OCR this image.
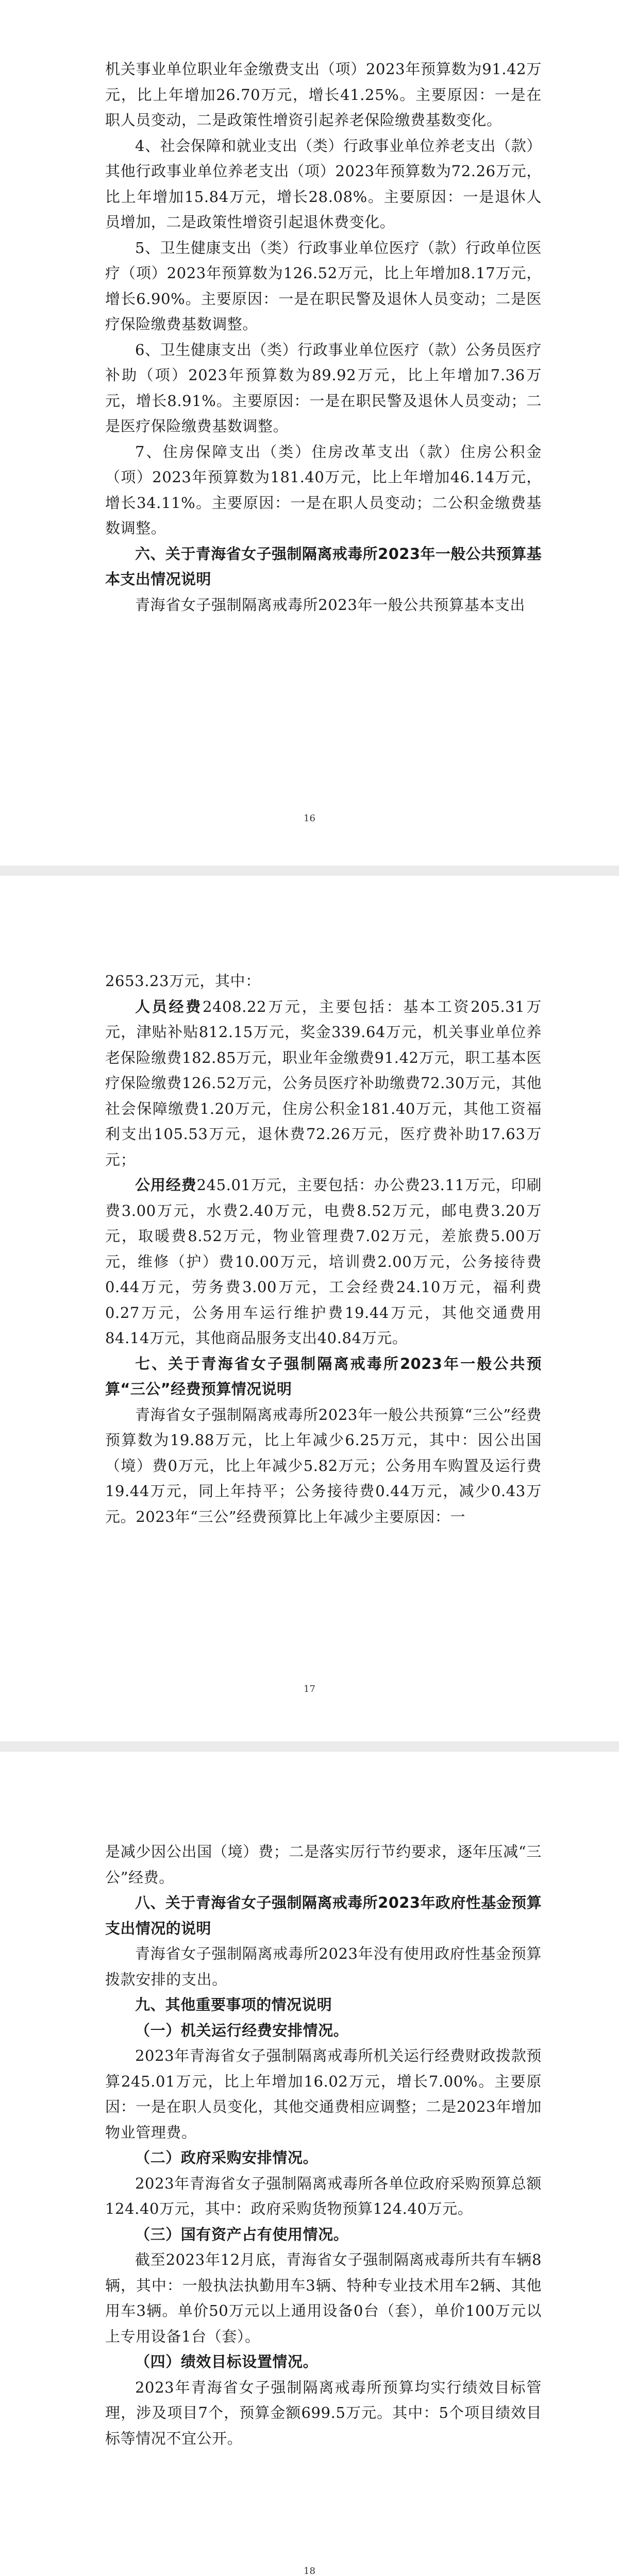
机关事业单位职业年金缴费支出（项）2023年预算数为91.42万元，比上年增加26.70万元，增长41.25%。主要原因：一是在职人员变动，二是政策性增资引起养老保险缴费基数变化。

4、社会保障和就业支出（类）行政事业单位养老支出（款）其他行政事业单位养老支出（项）2023年预算数为72.26万元，比上年增加15.84万元，增长28.08%。主要原因：一是退休人员增加，二是政策性增资引起退休费变化。

5、卫生健康支出（类）行政事业单位医疗（款）行政单位医疗（项）2023年预算数为126.52万元，比上年增加8.17万元，增长6.90%。主要原因：一是在职民警及退休人员变动；二是医疗保险缴费基数调整。

6、卫生健康支出（类）行政事业单位医疗（款）公务员医疗补助（项）2023年预算数为89.92万元，比上年增加7.36万元，增长8.91%。主要原因：一是在职民警及退休人员变动；二是医疗保险缴费基数调整。

7、住房保障支出（类）住房改革支出（款）住房公积金（项）2023年预算数为181.40万元，比上年增加46.14万元，增长34.11%。主要原因：一是在职人员变动；二公积金缴费基数调整。

六、关于青海省女子强制隔离戒毒所2023年一般公共预算基本支出情况说明

青海省女子强制隔离戒毒所2023年一般公共预算基本支出

16

2653.23万元，其中：

人员经费2408.22万元，主要包括：基本工资205.31万元，津贴补贴812.15万元，奖金339.64万元，机关事业单位养老保险缴费182.85万元，职业年金缴费91.42万元，职工基本医疗保险缴费126.52万元，公务员医疗补助缴费72.30万元，其他社会保障缴费1.20万元，住房公积金181.40万元，其他工资福利支出105.53万元，退休费72.26万元，医疗费补助17.63万元；

公用经费245.01万元，主要包括：办公费23.11万元，印刷费3.00万元，水费2.40万元，电费8.52万元，邮电费3.20万元，取暖费8.52万元，物业管理费7.02万元，差旅费5.00万元，维修（护）费10.00万元，培训费2.00万元，公务接待费0.44万元，劳务费3.00万元，工会经费24.10万元，福利费0.27万元，公务用车运行维护费19.44万元，其他交通费用84.14万元，其他商品服务支出40.84万元。

七、关于青海省女子强制隔离戒毒所2023年一般公共预算“三公”经费预算情况说明

青海省女子强制隔离戒毒所2023年一般公共预算“三公”经费预算数为19.88万元，比上年减少6.25万元，其中：因公出国（境）费0万元，比上年减少5.82万元；公务用车购置及运行费19.44万元，同上年持平；公务接待费0.44万元，减少0.43万元。2023年“三公”经费预算比上年减少主要原因：一

17

是减少因公出国（境）费；二是落实厉行节约要求，逐年压减“三公”经费。

八、关于青海省女子强制隔离戒毒所2023年政府性基金预算支出情况的说明

青海省女子强制隔离戒毒所2023年没有使用政府性基金预算拨款安排的支出。

九、其他重要事项的情况说明

（一）机关运行经费安排情况。

2023年青海省女子强制隔离戒毒所机关运行经费财政拨款预算245.01万元，比上年增加16.02万元，增长7.00%。主要原因：一是在职人员变化，其他交通费相应调整；二是2023年增加物业管理费。

（二）政府采购安排情况。

2023年青海省女子强制隔离戒毒所各单位政府采购预算总额124.40万元，其中：政府采购货物预算124.40万元。

（三）国有资产占有使用情况。

截至2023年12月底，青海省女子强制隔离戒毒所共有车辆8辆，其中：一般执法执勤用车3辆、特种专业技术用车2辆、其他用车3辆。单价50万元以上通用设备0台（套），单价100万元以上专用设备1台（套）。

（四）绩效目标设置情况。

2023年青海省女子强制隔离戒毒所预算均实行绩效目标管理，涉及项目7个，预算金额699.5万元。其中：5个项目绩效目标等情况不宜公开。

18
